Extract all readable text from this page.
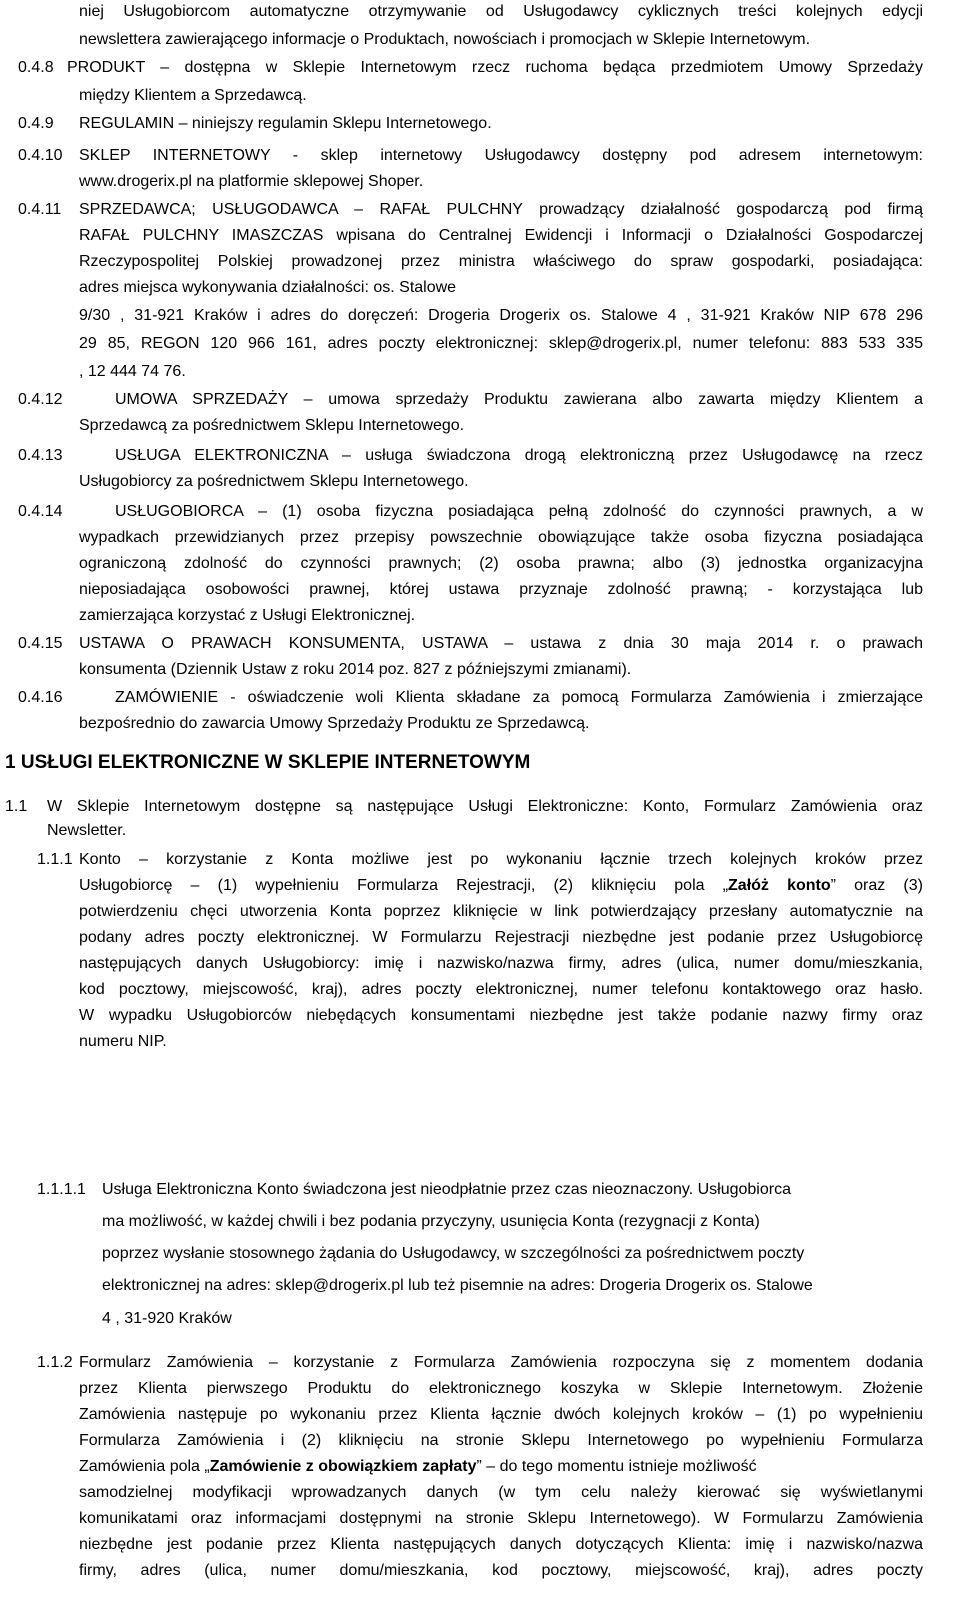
niej Usługobiorcom automatyczne otrzymywanie od Usługodawcy cyklicznych treści kolejnych edycji
newslettera zawierającego informacje o Produktach, nowościach i promocjach w Sklepie Internetowym.
0.4.8 PRODUKT – dostępna w Sklepie Internetowym rzecz ruchoma będąca przedmiotem Umowy Sprzedaży
między Klientem a Sprzedawcą.
0.4.9 REGULAMIN – niniejszy regulamin Sklepu Internetowego.
0.4.10 SKLEP INTERNETOWY - sklep internetowy Usługodawcy dostępny pod adresem internetowym:
www.drogerix.pl na platformie sklepowej Shoper.
0.4.11 SPRZEDAWCA; USŁUGODAWCA – RAFAŁ PULCHNY prowadzący działalność gospodarczą pod firmą
RAFAŁ PULCHNY IMASZCZAS wpisana do Centralnej Ewidencji i Informacji o Działalności Gospodarczej
Rzeczypospolitej Polskiej prowadzonej przez ministra właściwego do spraw gospodarki, posiadająca:
adres miejsca wykonywania działalności: os. Stalowe
9/30 , 31-921 Kraków i adres do doręczeń: Drogeria Drogerix os. Stalowe 4 , 31-921 Kraków NIP 678 296
29 85, REGON 120 966 161, adres poczty elektronicznej: sklep@drogerix.pl, numer telefonu: 883 533 335
, 12 444 74 76.
0.4.12	UMOWA SPRZEDAŻY – umowa sprzedaży Produktu zawierana albo zawarta między Klientem a
Sprzedawcą za pośrednictwem Sklepu Internetowego.
0.4.13	USŁUGA ELEKTRONICZNA – usługa świadczona drogą elektroniczną przez Usługodawcę na rzecz
Usługobiorcy za pośrednictwem Sklepu Internetowego.
0.4.14	USŁUGOBIORCA – (1) osoba fizyczna posiadająca pełną zdolność do czynności prawnych, a w
wypadkach przewidzianych przez przepisy powszechnie obowiązujące także osoba fizyczna posiadająca
ograniczoną zdolność do czynności prawnych; (2) osoba prawna; albo (3) jednostka organizacyjna
nieposiadająca osobowości prawnej, której ustawa przyznaje zdolność prawną; - korzystająca lub
zamierzająca korzystać z Usługi Elektronicznej.
0.4.15 USTAWA O PRAWACH KONSUMENTA, USTAWA – ustawa z dnia 30 maja 2014 r. o prawach
konsumenta (Dziennik Ustaw z roku 2014 poz. 827 z późniejszymi zmianami).
0.4.16	ZAMÓWIENIE - oświadczenie woli Klienta składane za pomocą Formularza Zamówienia i zmierzające
bezpośrednio do zawarcia Umowy Sprzedaży Produktu ze Sprzedawcą.
1 USŁUGI ELEKTRONICZNE W SKLEPIE INTERNETOWYM
1.1 W Sklepie Internetowym dostępne są następujące Usługi Elektroniczne: Konto, Formularz Zamówienia oraz
Newsletter.
1.1.1 Konto – korzystanie z Konta możliwe jest po wykonaniu łącznie trzech kolejnych kroków przez
Usługobiorcę – (1) wypełnieniu Formularza Rejestracji, (2) kliknięciu pola „Załóż konto” oraz (3)
potwierdzeniu chęci utworzenia Konta poprzez kliknięcie w link potwierdzający przesłany automatycznie na
podany adres poczty elektronicznej. W Formularzu Rejestracji niezbędne jest podanie przez Usługobiorcę
następujących danych Usługobiorcy: imię i nazwisko/nazwa firmy, adres (ulica, numer domu/mieszkania,
kod pocztowy, miejscowość, kraj), adres poczty elektronicznej, numer telefonu kontaktowego oraz hasło.
W wypadku Usługobiorców niebędących konsumentami niezbędne jest także podanie nazwy firmy oraz
numeru NIP.
1.1.1.1 Usługa Elektroniczna Konto świadczona jest nieodpłatnie przez czas nieoznaczony. Usługobiorca
ma możliwość, w każdej chwili i bez podania przyczyny, usunięcia Konta (rezygnacji z Konta)
poprzez wysłanie stosownego żądania do Usługodawcy, w szczególności za pośrednictwem poczty
elektronicznej na adres: sklep@drogerix.pl lub też pisemnie na adres: Drogeria Drogerix os. Stalowe
4 , 31-920 Kraków
1.1.2 Formularz Zamówienia – korzystanie z Formularza Zamówienia rozpoczyna się z momentem dodania
przez Klienta pierwszego Produktu do elektronicznego koszyka w Sklepie Internetowym. Złożenie
Zamówienia następuje po wykonaniu przez Klienta łącznie dwóch kolejnych kroków – (1) po wypełnieniu
Formularza Zamówienia i (2) kliknięciu na stronie Sklepu Internetowego po wypełnieniu Formularza
Zamówienia pola „Zamówienie z obowiązkiem zapłaty” – do tego momentu istnieje możliwość
samodzielnej modyfikacji wprowadzanych danych (w tym celu należy kierować się wyświetlanymi
komunikatami oraz informacjami dostępnymi na stronie Sklepu Internetowego). W Formularzu Zamówienia
niezbędne jest podanie przez Klienta następujących danych dotyczących Klienta: imię i nazwisko/nazwa
firmy, adres (ulica, numer domu/mieszkania, kod pocztowy, miejscowość, kraj), adres poczty
